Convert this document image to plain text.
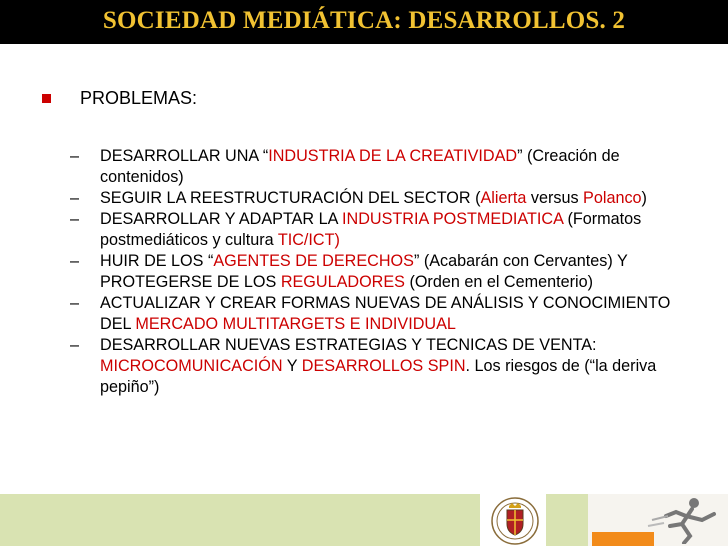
SOCIEDAD MEDIÁTICA: DESARROLLOS. 2
PROBLEMAS:
– DESARROLLAR UNA “INDUSTRIA DE LA CREATIVIDAD” (Creación de contenidos)
– SEGUIR LA REESTRUCTURACIÓN DEL SECTOR (Alierta versus Polanco)
– DESARROLLAR Y ADAPTAR LA INDUSTRIA POSTMEDIATICA (Formatos postmediáticos y cultura TIC/ICT)
– HUIR DE LOS “AGENTES DE DERECHOS” (Acabarán con Cervantes) Y PROTEGERSE DE LOS REGULADORES (Orden en el Cementerio)
– ACTUALIZAR Y CREAR FORMAS NUEVAS DE ANÁLISIS Y CONOCIMIENTO DEL MERCADO MULTITARGETS E INDIVIDUAL
– DESARROLLAR NUEVAS ESTRATEGIAS Y TECNICAS DE VENTA: MICROCOMUNICACIÓN Y DESARROLLOS SPIN. Los riesgos de (“la deriva pepiño”)
